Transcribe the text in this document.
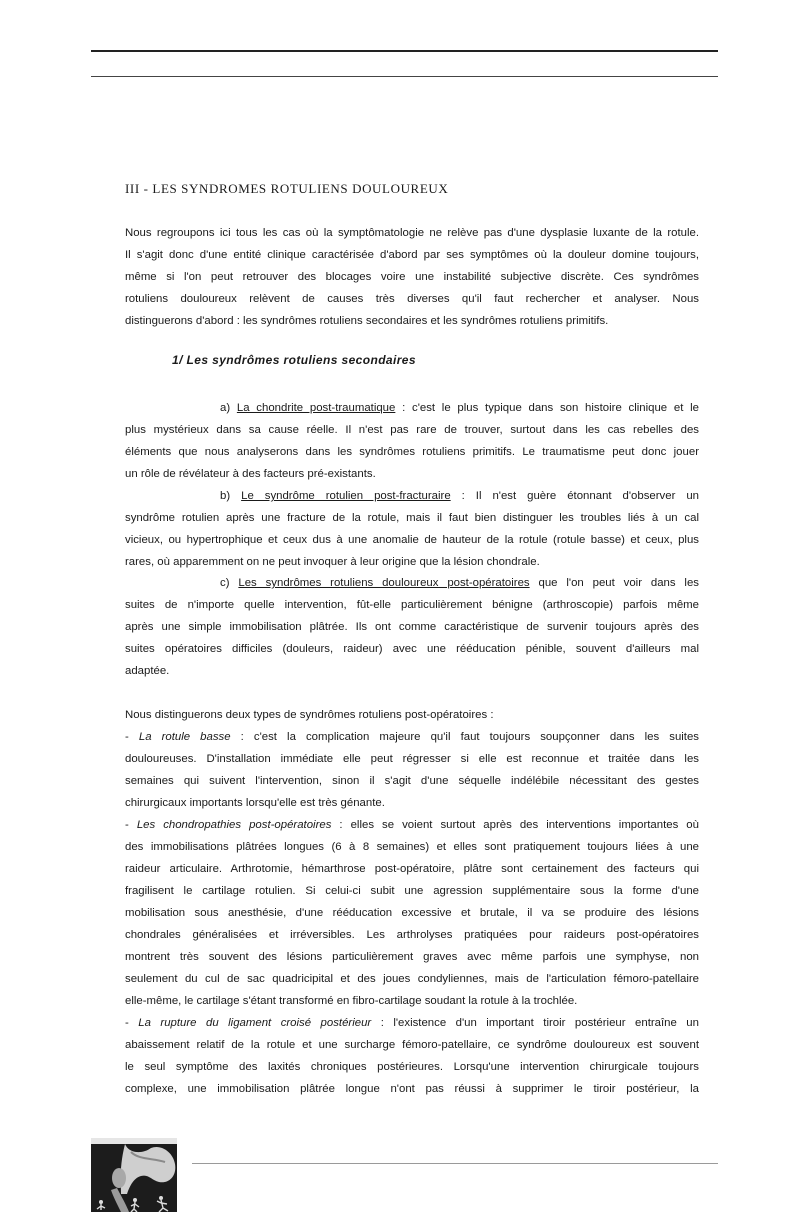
III - LES SYNDROMES ROTULIENS DOULOUREUX
Nous regroupons ici tous les cas où la symptômatologie ne relève pas d'une dysplasie luxante de la rotule.
Il s'agit donc d'une entité clinique caractérisée d'abord par ses symptômes où la douleur domine toujours,
même si l'on peut retrouver des blocages voire une instabilité subjective discrète. Ces syndrômes
rotuliens douloureux relèvent de causes très diverses qu'il faut rechercher et analyser. Nous
distinguerons d'abord : les syndrômes rotuliens secondaires et les syndrômes rotuliens primitifs.
1/ Les syndrômes rotuliens secondaires
a) La chondrite post-traumatique : c'est le plus typique dans son histoire clinique et le
plus mystérieux dans sa cause réelle. Il n'est pas rare de trouver, surtout dans les cas rebelles des
éléments que nous analyserons dans les syndrômes rotuliens primitifs. Le traumatisme peut donc jouer
un rôle de révélateur à des facteurs pré-existants.
b) Le syndrôme rotulien post-fracturaire : Il n'est guère étonnant d'observer un
syndrôme rotulien après une fracture de la rotule, mais il faut bien distinguer les troubles liés à un cal
vicieux, ou hypertrophique et ceux dus à une anomalie de hauteur de la rotule (rotule basse) et ceux, plus
rares, où apparemment on ne peut invoquer à leur origine que la lésion chondrale.
c) Les syndrômes rotuliens douloureux post-opératoires que l'on peut voir dans les
suites de n'importe quelle intervention, fût-elle particulièrement bénigne (arthroscopie) parfois même
après une simple immobilisation plâtrée. Ils ont comme caractéristique de survenir toujours après des
suites opératoires difficiles (douleurs, raideur) avec une rééducation pénible, souvent d'ailleurs mal
adaptée.
Nous distinguerons deux types de syndrômes rotuliens post-opératoires :
- La rotule basse : c'est la complication majeure qu'il faut toujours soupçonner dans les suites
douloureuses. D'installation immédiate elle peut régresser si elle est reconnue et traitée dans les
semaines qui suivent l'intervention, sinon il s'agit d'une séquelle indélébile nécessitant des gestes
chirurgicaux importants lorsqu'elle est très génante.
- Les chondropathies post-opératoires : elles se voient surtout après des interventions importantes où
des immobilisations plâtrées longues (6 à 8 semaines) et elles sont pratiquement toujours liées à une
raideur articulaire. Arthrotomie, hémarthrose post-opératoire, plâtre sont certainement des facteurs qui
fragilisent le cartilage rotulien. Si celui-ci subit une agression supplémentaire sous la forme d'une
mobilisation sous anesthésie, d'une rééducation excessive et brutale, il va se produire des lésions
chondrales généralisées et irréversibles. Les arthrolyses pratiquées pour raideurs post-opératoires
montrent très souvent des lésions particulièrement graves avec même parfois une symphyse, non
seulement du cul de sac quadricipital et des joues condyliennes, mais de l'articulation fémoro-patellaire
elle-même, le cartilage s'étant transformé en fibro-cartilage soudant la rotule à la trochlée.
- La rupture du ligament croisé postérieur : l'existence d'un important tiroir postérieur entraîne un
abaissement relatif de la rotule et une surcharge fémoro-patellaire, ce syndrôme douloureux est souvent
le seul symptôme des laxités chroniques postérieures. Lorsqu'une intervention chirurgicale toujours
complexe, une immobilisation plâtrée longue n'ont pas réussi à supprimer le tiroir postérieur, la
